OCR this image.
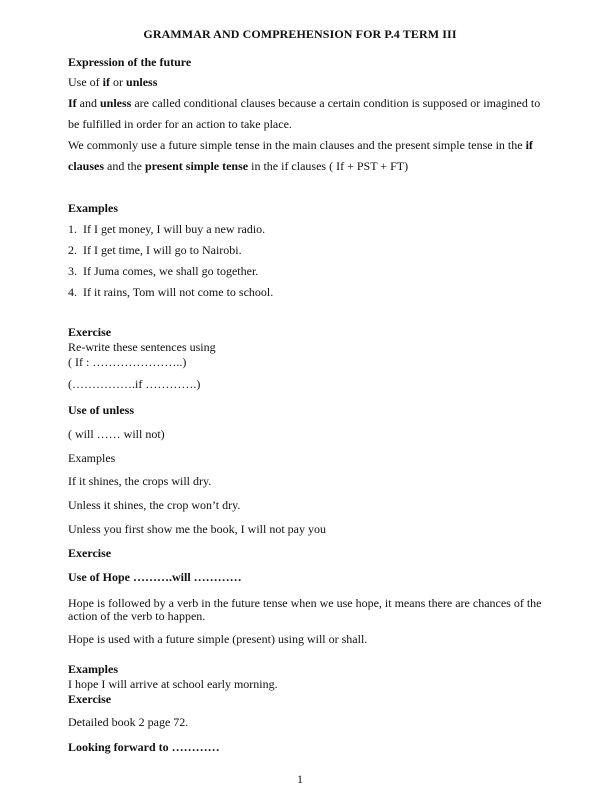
GRAMMAR AND COMPREHENSION FOR P.4 TERM III
Expression of the future
Use of if or unless
If and unless are called conditional clauses because a certain condition is supposed or imagined to
be fulfilled in order for an action to take place.
We commonly use a future simple tense in the main clauses and the present simple tense in the if
clauses and the present simple tense in the if clauses ( If + PST + FT)
Examples
1. If I get money, I will buy a new radio.
2. If I get time, I will go to Nairobi.
3. If Juma comes, we shall go together.
4. If it rains, Tom will not come to school.
Exercise
Re-write these sentences using
( If : …………………..)
(…………….if ………….)
Use of unless
( will …… will not)
Examples
If it shines, the crops will dry.
Unless it shines, the crop won’t dry.
Unless you first show me the book, I will not pay you
Exercise
Use of Hope ……….will …………
Hope is followed by a verb in the future tense when we use hope, it means there are chances of the
action of the verb to happen.
Hope is used with a future simple (present) using will or shall.
Examples
I hope I will arrive at school early morning.
Exercise
Detailed book 2 page 72.
Looking forward to …………
1
